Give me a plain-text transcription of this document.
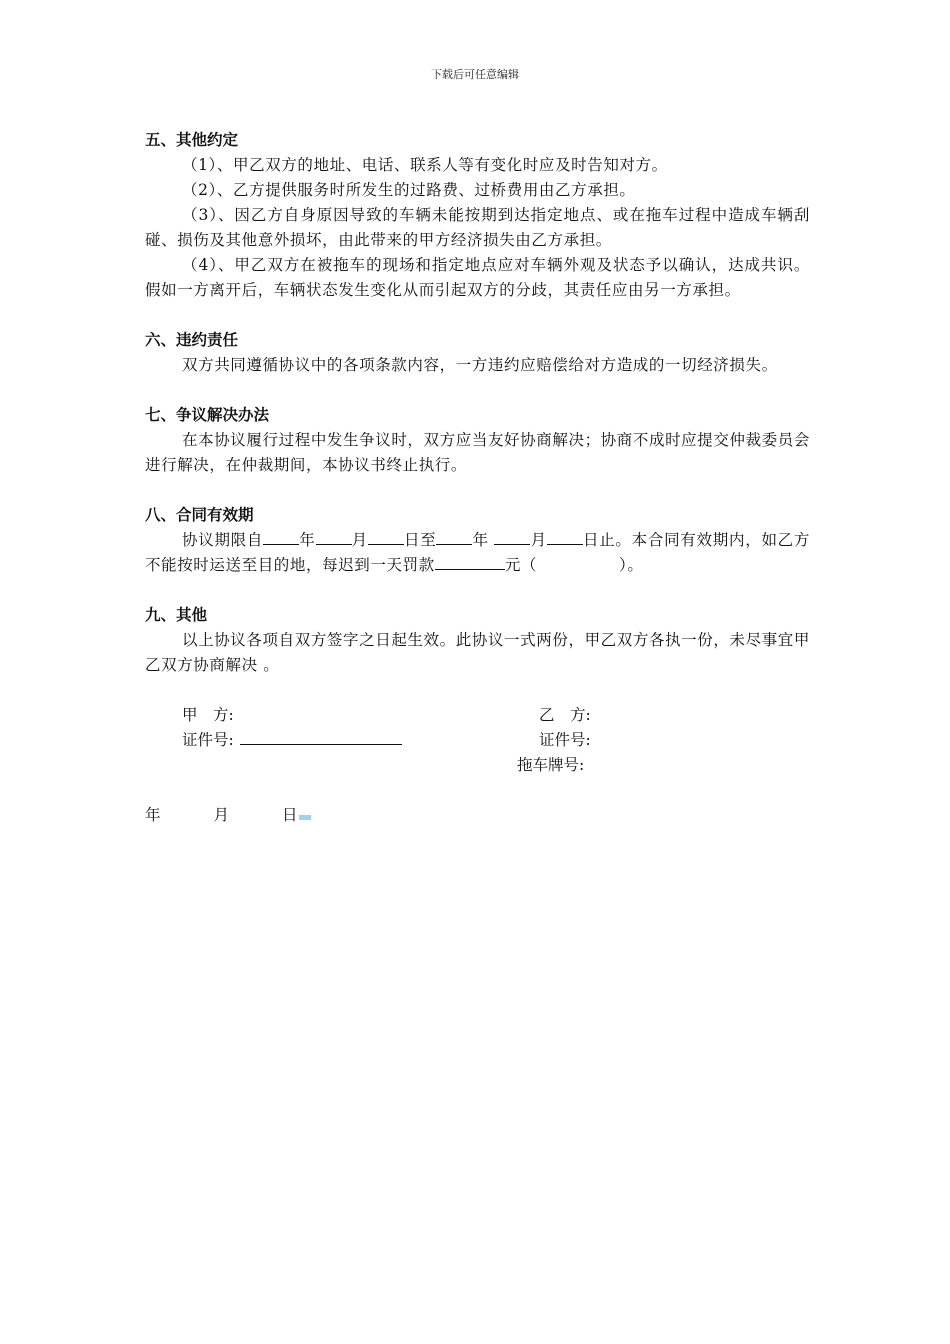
下载后可任意编辑

五、其他约定

（1）、甲乙双方的地址、电话、联系人等有变化时应及时告知对方。

（2）、乙方提供服务时所发生的过路费、过桥费用由乙方承担。

（3）、因乙方自身原因导致的车辆未能按期到达指定地点、或在拖车过程中造成车辆刮碰、损伤及其他意外损坏，由此带来的甲方经济损失由乙方承担。

（4）、甲乙双方在被拖车的现场和指定地点应对车辆外观及状态予以确认，达成共识。假如一方离开后，车辆状态发生变化从而引起双方的分歧，其责任应由另一方承担。

六、违约责任

双方共同遵循协议中的各项条款内容，一方违约应赔偿给对方造成的一切经济损失。

七、争议解决办法

在本协议履行过程中发生争议时，双方应当友好协商解决；协商不成时应提交仲裁委员会进行解决，在仲裁期间，本协议书终止执行。

八、合同有效期

协议期限自 年 月 日至 年	月 日止。本合同有效期内，如乙方不能按时运送至目的地，每迟到一天罚款	元（	）。

九、其他

以上协议各项自双方签字之日起生效。此协议一式两份，甲乙双方各执一份，未尽事宜甲乙双方协商解决 。

甲　方:	乙　方:
证件号:	证件号:
拖车牌号:
年	月	日
